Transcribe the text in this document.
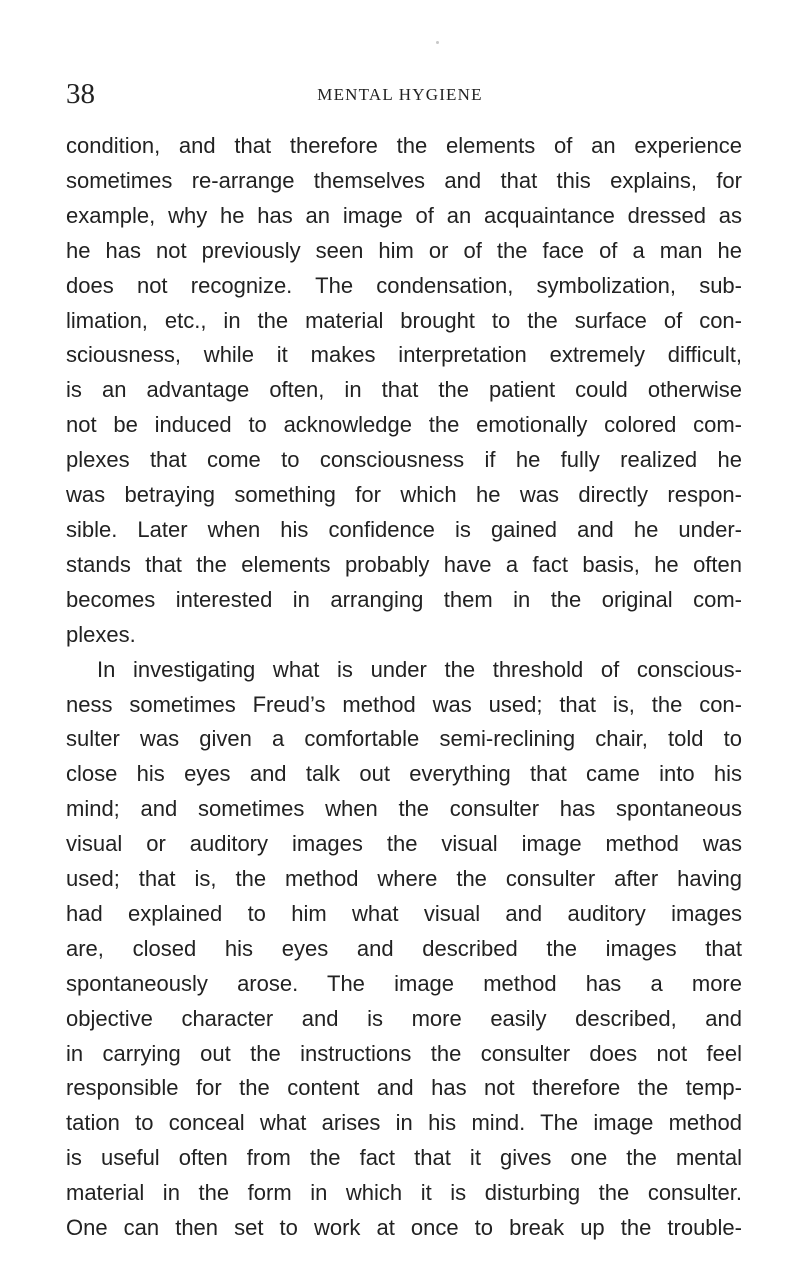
38	MENTAL HYGIENE

condition, and that therefore the elements of an experience

sometimes re-arrange themselves and that this explains, for

example, why he has an image of an acquaintance dressed as

he has not previously seen him or of the face of a man he

does not recognize. The condensation, symbolization, sub-

limation, etc., in the material brought to the surface of con-

sciousness, while it makes interpretation extremely difficult,

is an advantage often, in that the patient could otherwise

not be induced to acknowledge the emotionally colored com-

plexes that come to consciousness if he fully realized he

was betraying something for which he was directly respon-

sible. Later when his confidence is gained and he under-

stands that the elements probably have a fact basis, he often

becomes interested in arranging them in the original com-

plexes.

In investigating what is under the threshold of conscious-

ness sometimes Freud’s method was used; that is, the con-

sulter was given a comfortable semi-reclining chair, told to

close his eyes and talk out everything that came into his

mind; and sometimes when the consulter has spontaneous

visual or auditory images the visual image method was

used; that is, the method where the consulter after having

had explained to him what visual and auditory images

are, closed his eyes and described the images that

spontaneously arose. The image method has a more

objective character and is more easily described, and

in carrying out the instructions the consulter does not feel

responsible for the content and has not therefore the temp-

tation to conceal what arises in his mind. The image method

is useful often from the fact that it gives one the mental

material in the form in which it is disturbing the consulter.

One can then set to work at once to break up the trouble-
